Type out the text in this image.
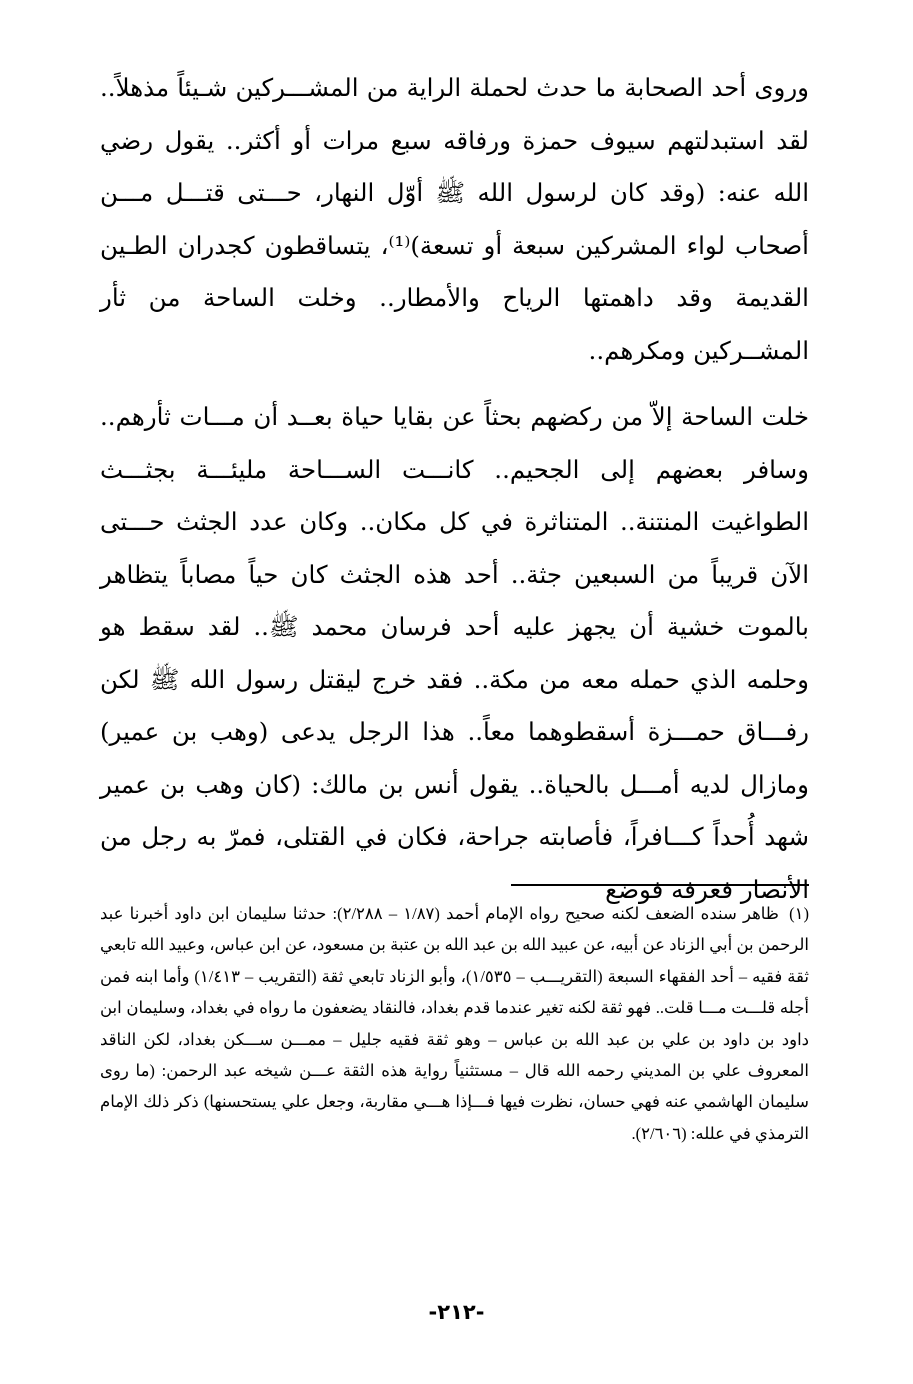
وروى أحد الصحابة ما حدث لحملة الراية من المشـــركين شـيئاً مذهلاً.. لقد استبدلتهم سيوف حمزة ورفاقه سبع مرات أو أكثر.. يقول رضي الله عنه: (وقد كان لرسول الله ﷺ أوّل النهار، حـــتى قتـــل مـــن أصحاب لواء المشركين سبعة أو تسعة)⁽¹⁾، يتساقطون كجدران الطـين القديمة وقد داهمتها الرياح والأمطار.. وخلت الساحة من ثأر المشــركين ومكرهم..

خلت الساحة إلاّ من ركضهم بحثاً عن بقايا حياة بعــد أن مـــات ثأرهم.. وسافر بعضهم إلى الجحيم.. كانـــت الســـاحة مليئـــة بجثـــث الطواغيت المنتنة.. المتناثرة في كل مكان.. وكان عدد الجثث حـــتى الآن قريباً من السبعين جثة.. أحد هذه الجثث كان حياً مصاباً يتظاهر بالموت خشية أن يجهز عليه أحد فرسان محمد ﷺ.. لقد سقط هو وحلمه الذي حمله معه من مكة.. فقد خرج ليقتل رسول الله ﷺ لكن رفـــاق حمـــزة أسقطوهما معاً.. هذا الرجل يدعى (وهب بن عمير) ومازال لديه أمـــل بالحياة.. يقول أنس بن مالك: (كان وهب بن عمير شهد أُحداً كـــافراً، فأصابته جراحة، فكان في القتلى، فمرّ به رجل من الأنصار فعرفه فوضع

(١) ظاهر سنده الضعف لكنه صحيح رواه الإمام أحمد (١/٨٧ – ٢/٢٨٨): حدثنا سليمان ابن داود أخبرنا عبد الرحمن بن أبي الزناد عن أبيه، عن عبيد الله بن عبد الله بن عتبة بن مسعود، عن ابن عباس، وعبيد الله تابعي ثقة فقيه – أحد الفقهاء السبعة (التقريـــب – ١/٥٣٥)، وأبو الزناد تابعي ثقة (التقريب – ١/٤١٣) وأما ابنه فمن أجله قلـــت مـــا قلت.. فهو ثقة لكنه تغير عندما قدم بغداد، فالنقاد يضعفون ما رواه في بغداد، وسليمان ابن داود بن داود بن علي بن عبد الله بن عباس – وهو ثقة فقيه جليل – ممـــن ســـكن بغداد، لكن الناقد المعروف علي بن المديني رحمه الله قال – مستثنياً رواية هذه الثقة عـــن شيخه عبد الرحمن: (ما روى سليمان الهاشمي عنه فهي حسان، نظرت فيها فـــإذا هـــي مقاربة، وجعل علي يستحسنها) ذكر ذلك الإمام الترمذي في علله: (٢/٦٠٦).
-٢١٢-
